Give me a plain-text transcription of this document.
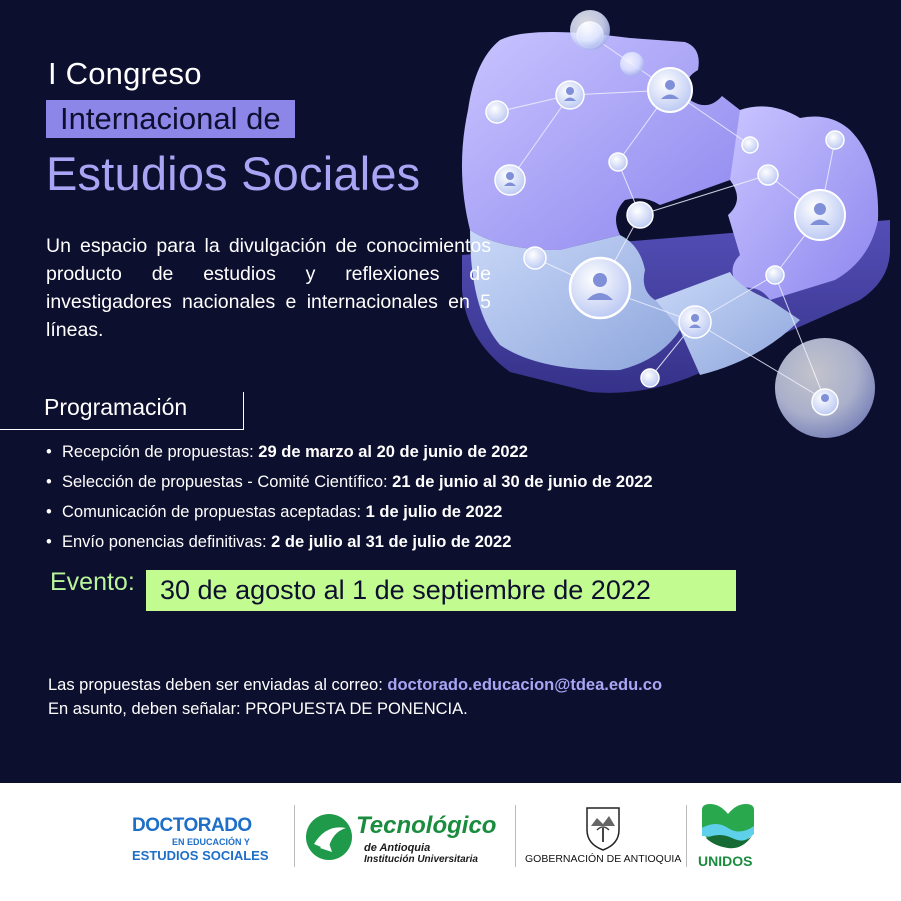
I Congreso
Internacional de
Estudios Sociales

Un espacio para la divulgación de conocimientos producto de estudios y reflexiones de investigadores nacionales e internacionales en 5 líneas.

Programación
• Recepción de propuestas: 29 de marzo al 20 de junio de 2022
• Selección de propuestas - Comité Científico: 21 de junio al 30 de junio de 2022
• Comunicación de propuestas aceptadas: 1 de julio de 2022
• Envío ponencias definitivas: 2 de julio al 31 de julio de 2022
Evento: 30 de agosto al 1 de septiembre de 2022
Las propuestas deben ser enviadas al correo: doctorado.educacion@tdea.edu.co
En asunto, deben señalar: PROPUESTA DE PONENCIA.
DOCTORADO
EN EDUCACIÓN Y
ESTUDIOS SOCIALES
Tecnológico
de Antioquia
Institución Universitaria	GOBERNACIÓN DE ANTIOQUIA UNIDOS
